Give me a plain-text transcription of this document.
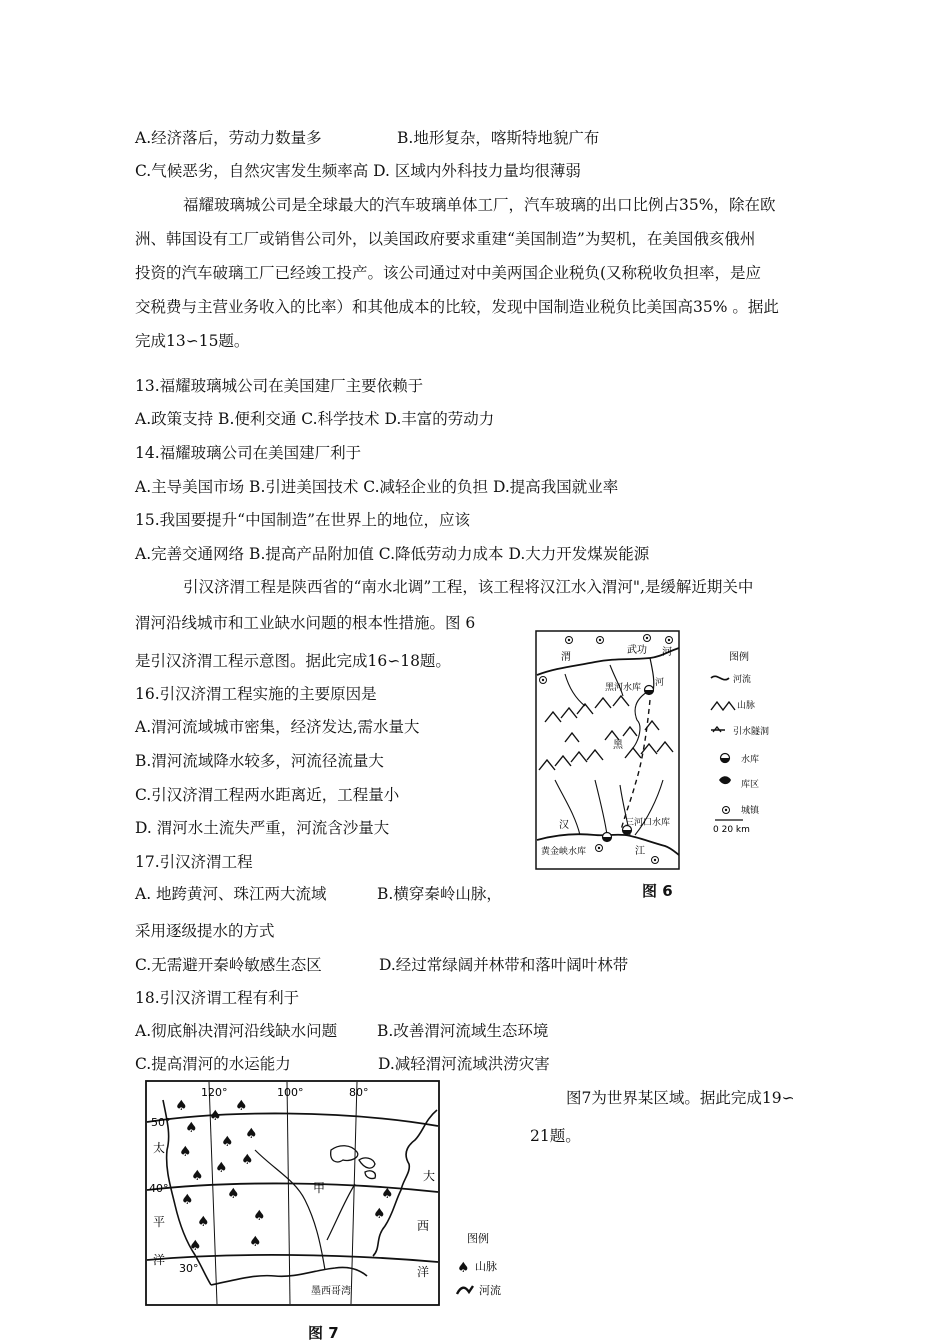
A.经济落后，劳动力数量多	B.地形复杂，喀斯特地貌广布
C.气候恶劣，自然灾害发生频率高 D. 区域内外科技力量均很薄弱
福耀玻璃城公司是全球最大的汽车玻璃单体工厂，汽车玻璃的出口比例占35%，除在欧
洲、韩国设有工厂或销售公司外，以美国政府要求重建“美国制造”为契机，在美国俄亥俄州
投资的汽车破璃工厂已经竣工投产。该公司通过对中美两国企业税负(又称税收负担率，是应
交税费与主营业务收入的比率）和其他成本的比较，发现中国制造业税负比美国高35% 。据此
完成13∽15题。
13.福耀玻璃城公司在美国建厂主要依赖于
A.政策支持 B.便利交通 C.科学技术 D.丰富的劳动力
14.福耀玻璃公司在美国建厂利于
A.主导美国市场 B.引进美国技术 C.减轻企业的负担 D.提高我国就业率
15.我国要提升“中国制造”在世界上的地位，应该
A.完善交通网络 B.提高产品附加值 C.降低劳动力成本 D.大力开发煤炭能源
引汉济渭工程是陕西省的“南水北调”工程，该工程将汉江水入渭河",是缓解近期关中
渭河沿线城市和工业缺水问题的根本性措施。图 6
是引汉济渭工程示意图。据此完成16∽18题。
16.引汉济渭工程实施的主要原因是
A.渭河流域城市密集，经济发达,需水量大
B.渭河流域降水较多，河流径流量大
C.引汉济渭工程两水距离近，工程量小
D. 渭河水土流失严重，河流含沙量大
17.引汉济渭工程
A. 地跨黄河、珠江两大流域	B.横穿秦岭山脉，
采用逐级提水的方式
C.无需避开秦岭敏感生态区	D.经过常绿阔并林带和落叶阔叶林带
18.引汉济谓工程有利于
A.彻底斛决渭河沿线缺水问题	B.改善渭河流域生态环境
C.提高渭河的水运能力	D.减轻渭河流域洪涝灾害
图7为世界某区域。据此完成19∽
21题。
渭
武功 河
黑河水库 河
黑
汉	三河口水库
黄金峡水库	江
图例
河流
山脉
引水隧洞
水库
库区
城镇
0 20 km
图 6
♠
♠
♠
♠
♠
♠
♠
♠
♠
♠
♠
♠
♠
♠
♠
♠
♠
♠
50°
40°
30°
120°	100°	80°
太
平
洋
甲
大
西
洋
墨西哥湾
图例
♠ 山脉
河流
图 7
